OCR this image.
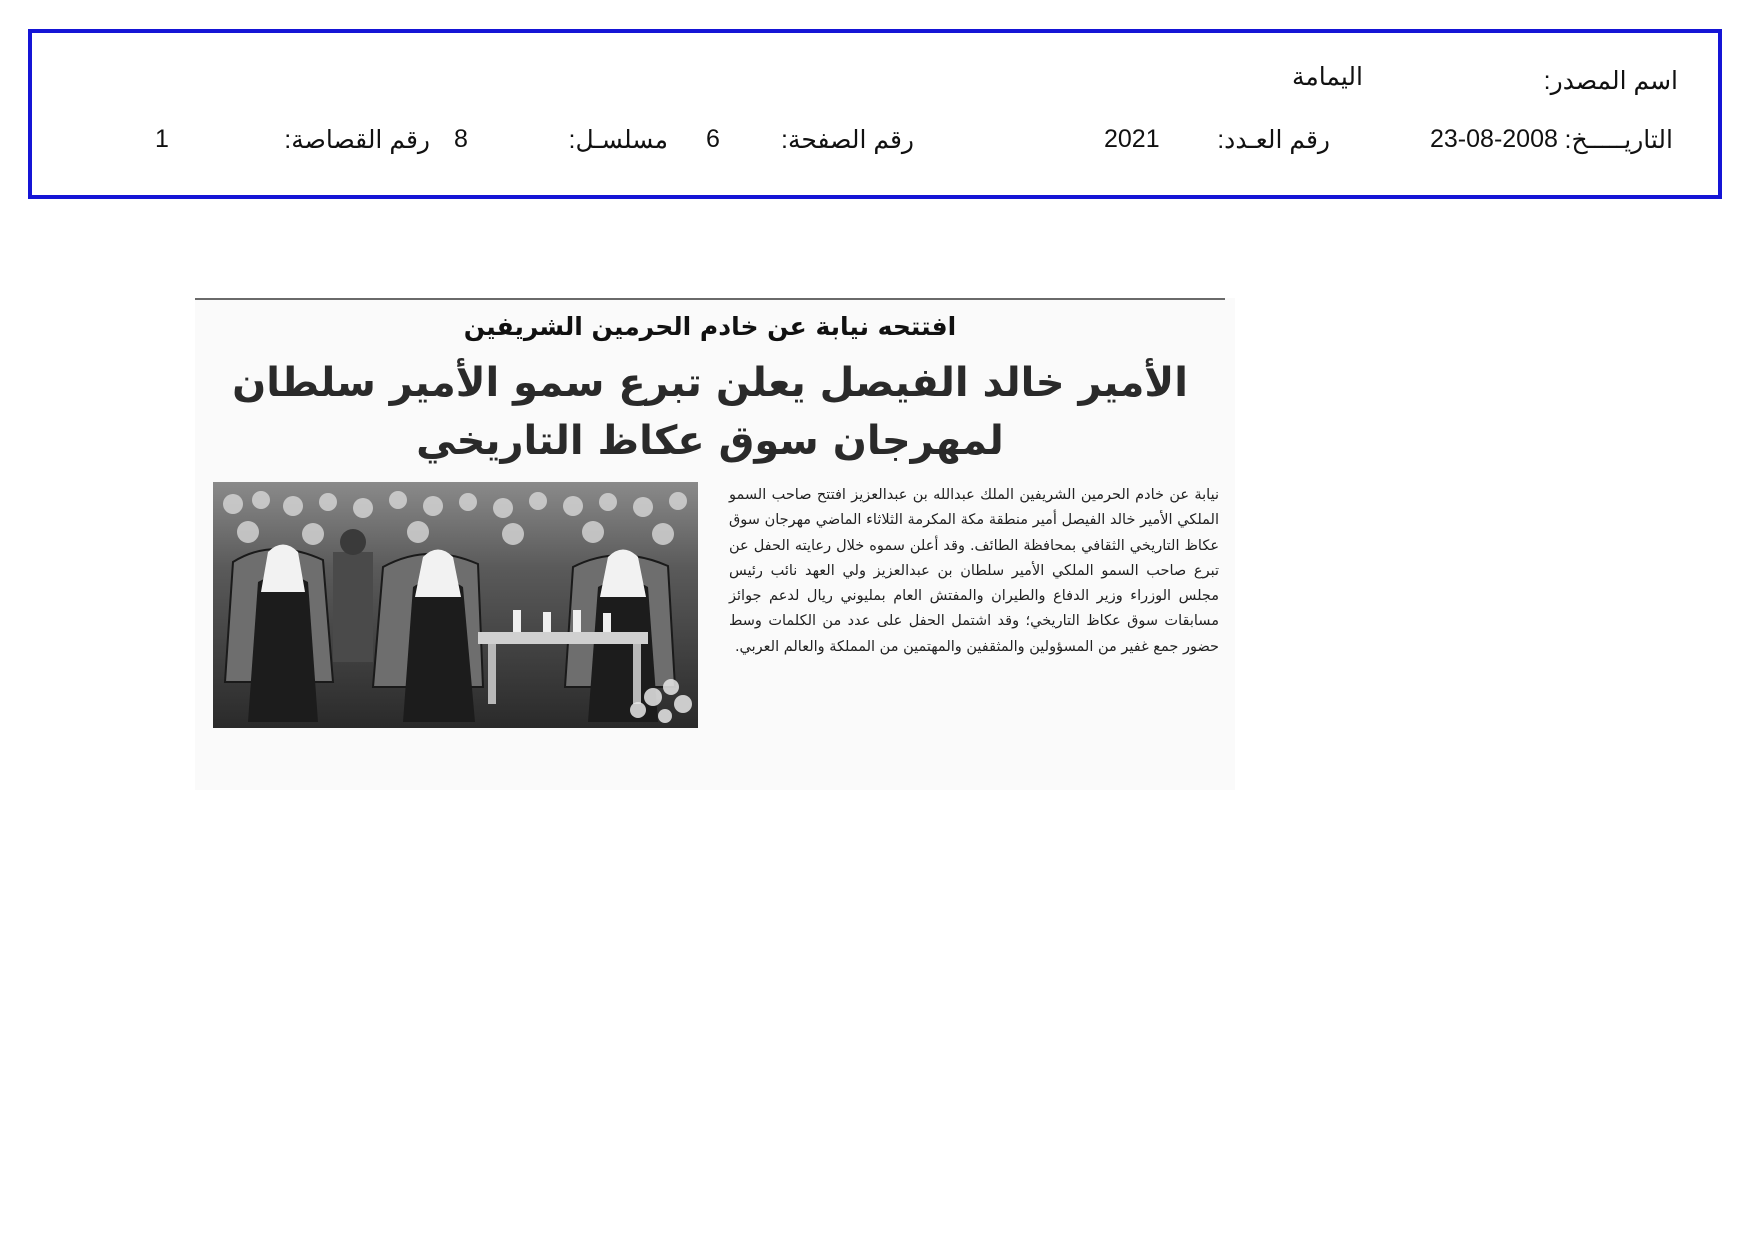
اسم المصدر:
اليمامة
التاريـــــخ:
23-08-2008
رقم العـدد:
2021
رقم الصفحة:
6
مسلسـل:
8
رقم القصاصة:
1
افتتحه نيابة عن خادم الحرمين الشريفين
الأمير خالد الفيصل يعلن تبرع سمو الأمير سلطان
لمهرجان سوق عكاظ التاريخي
نيابة عن خادم الحرمين الشريفين الملك عبدالله بن عبدالعزيز افتتح صاحب السمو الملكي الأمير خالد الفيصل أمير منطقة مكة المكرمة الثلاثاء الماضي مهرجان سوق عكاظ التاريخي الثقافي بمحافظة الطائف. وقد أعلن سموه خلال رعايته الحفل عن تبرع صاحب السمو الملكي الأمير سلطان بن عبدالعزيز ولي العهد نائب رئيس مجلس الوزراء وزير الدفاع والطيران والمفتش العام بمليوني ريال لدعم جوائز مسابقات سوق عكاظ التاريخي؛ وقد اشتمل الحفل على عدد من الكلمات وسط حضور جمع غفير من المسؤولين والمثقفين والمهتمين من المملكة والعالم العربي.
